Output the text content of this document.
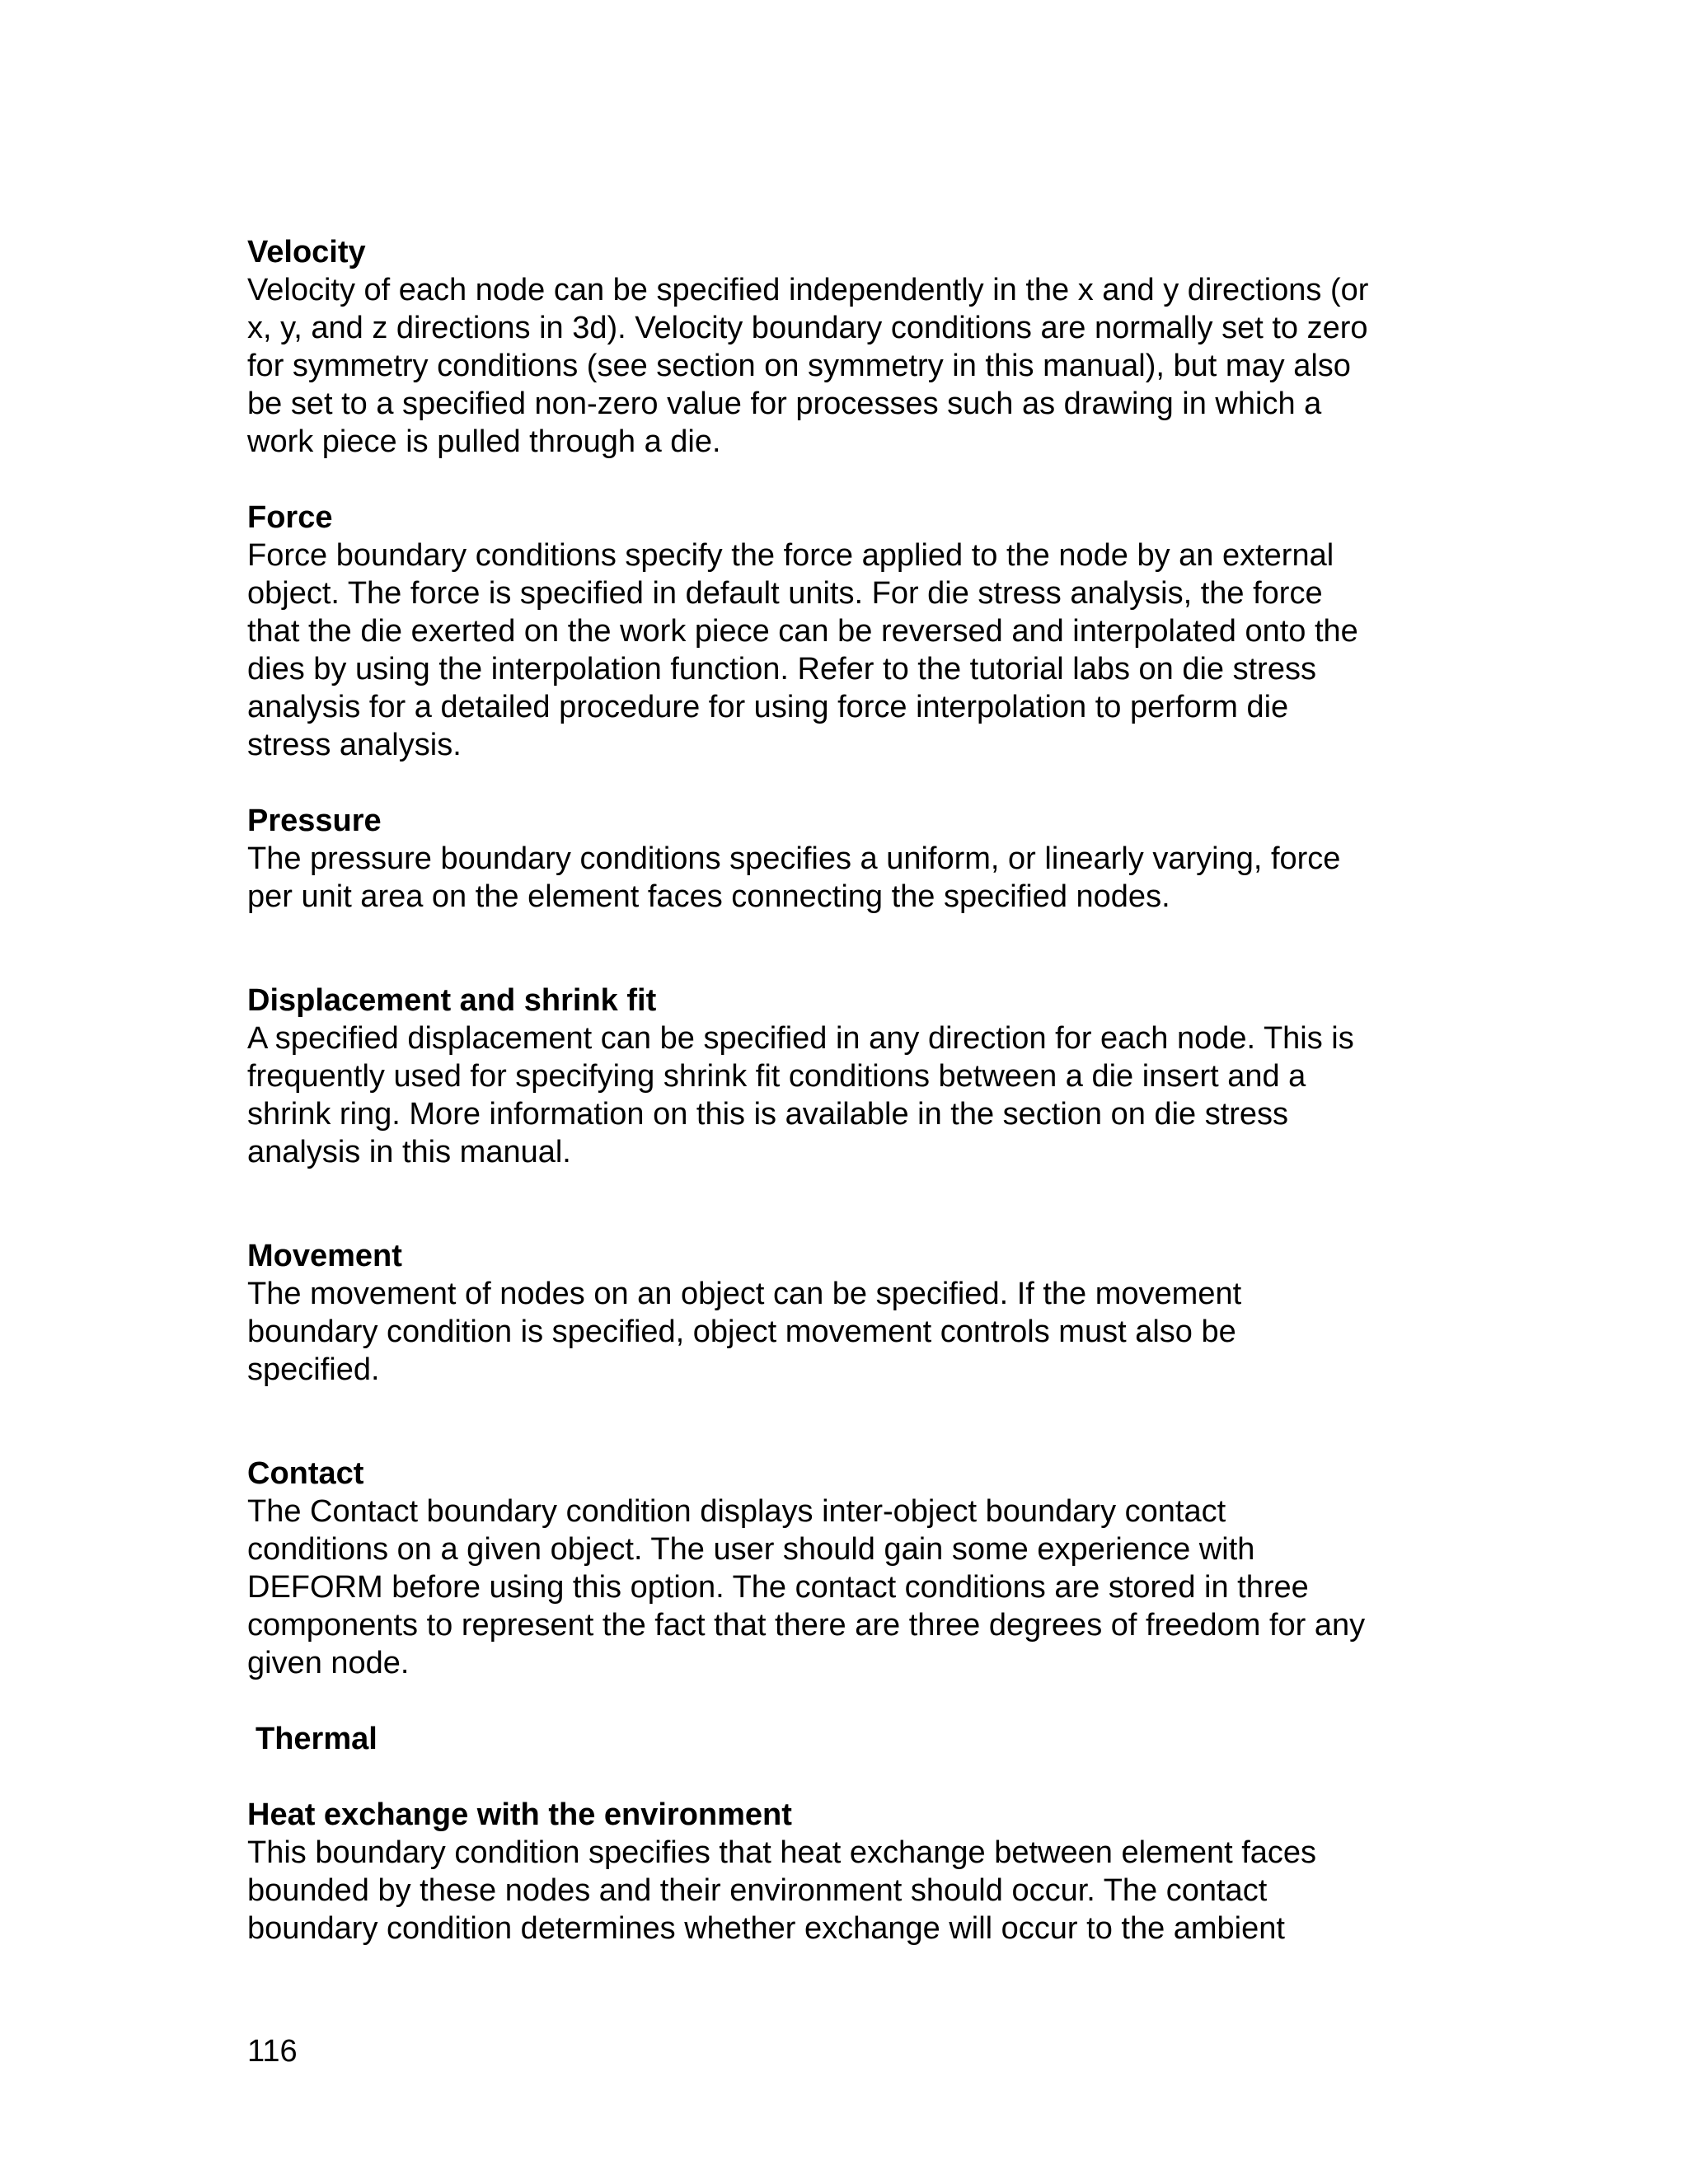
Velocity

Velocity of each node can be specified independently in the x and y directions (or
x, y, and z directions in 3d). Velocity boundary conditions are normally set to zero
for symmetry conditions (see section on symmetry in this manual), but may also
be set to a specified non-zero value for processes such as drawing in which a
work piece is pulled through a die.

Force

Force boundary conditions specify the force applied to the node by an external
object. The force is specified in default units. For die stress analysis, the force
that the die exerted on the work piece can be reversed and interpolated onto the
dies by using the interpolation function. Refer to the tutorial labs on die stress
analysis for a detailed procedure for using force interpolation to perform die
stress analysis.

Pressure

The pressure boundary conditions specifies a uniform, or linearly varying, force
per unit area on the element faces connecting the specified nodes.

Displacement and shrink fit

A specified displacement can be specified in any direction for each node. This is
frequently used for specifying shrink fit conditions between a die insert and a
shrink ring. More information on this is available in the section on die stress
analysis in this manual.

Movement

The movement of nodes on an object can be specified. If the movement
boundary condition is specified, object movement controls must also be
specified.

Contact

The Contact boundary condition displays inter-object boundary contact
conditions on a given object. The user should gain some experience with
DEFORM before using this option. The contact conditions are stored in three
components to represent the fact that there are three degrees of freedom for any
given node.

Thermal

Heat exchange with the environment

This boundary condition specifies that heat exchange between element faces
bounded by these nodes and their environment should occur. The contact
boundary condition determines whether exchange will occur to the ambient

116
